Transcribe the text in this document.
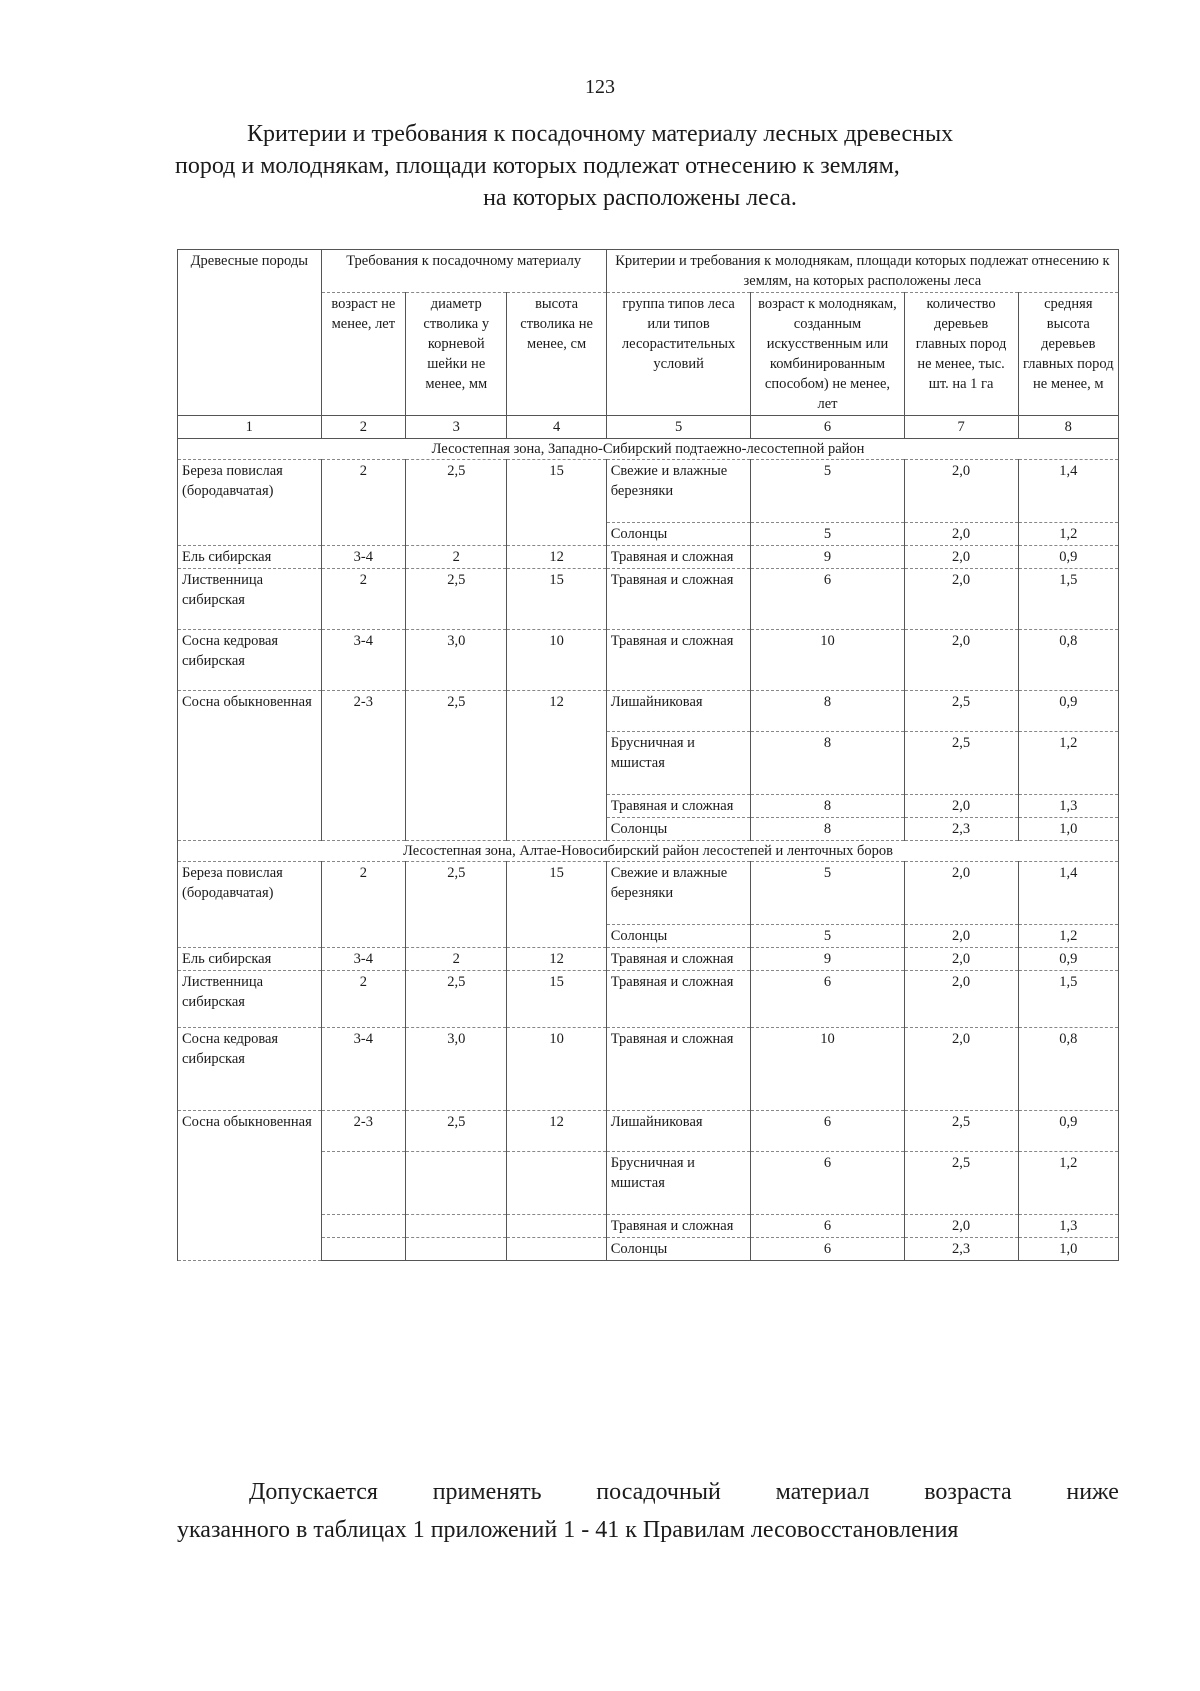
123
Критерии и требования к посадочному материалу лесных древесных
пород и молоднякам, площади которых подлежат отнесению к землям,
на которых расположены леса.
Древесные породы	Требования к посадочному материалу			Критерии и требования к молоднякам, площади которых подлежат отнесению к землям, на которых расположены леса			
	возраст не менее, лет	диаметр стволика у корневой шейки не менее, мм	высота стволика не менее, см	группа типов леса или типов лесорастительных условий	возраст к молоднякам, созданным искусственным или комбинированным способом) не менее, лет	количество деревьев главных пород не менее, тыс. шт. на 1 га	средняя высота деревьев главных пород не менее, м
1	2	3	4	5	6	7	8
Лесостепная зона, Западно-Сибирский подтаежно-лесостепной район							
Береза повислая (бородавчатая)	2	2,5	15	Свежие и влажные березняки	5	2,0	1,4
				Солонцы	5	2,0	1,2
Ель сибирская	3-4	2	12	Травяная и сложная	9	2,0	0,9
Лиственница сибирская	2	2,5	15	Травяная и сложная	6	2,0	1,5
Сосна кедровая сибирская	3-4	3,0	10	Травяная и сложная	10	2,0	0,8
Сосна обыкновенная	2-3	2,5	12	Лишайниковая	8	2,5	0,9
				Брусничная и мшистая	8	2,5	1,2
				Травяная и сложная	8	2,0	1,3
				Солонцы	8	2,3	1,0
Лесостепная зона, Алтае-Новосибирский район лесостепей и ленточных боров							
Береза повислая (бородавчатая)	2	2,5	15	Свежие и влажные березняки	5	2,0	1,4
				Солонцы	5	2,0	1,2
Ель сибирская	3-4	2	12	Травяная и сложная	9	2,0	0,9
Лиственница сибирская	2	2,5	15	Травяная и сложная	6	2,0	1,5
Сосна кедровая сибирская	3-4	3,0	10	Травяная и сложная	10	2,0	0,8
Сосна обыкновенная	2-3	2,5	12	Лишайниковая	6	2,5	0,9
				Брусничная и мшистая	6	2,5	1,2
				Травяная и сложная	6	2,0	1,3
				Солонцы	6	2,3	1,0
Допускается применять посадочный материал возраста ниже
указанного в таблицах 1 приложений 1 - 41 к Правилам лесовосстановления
